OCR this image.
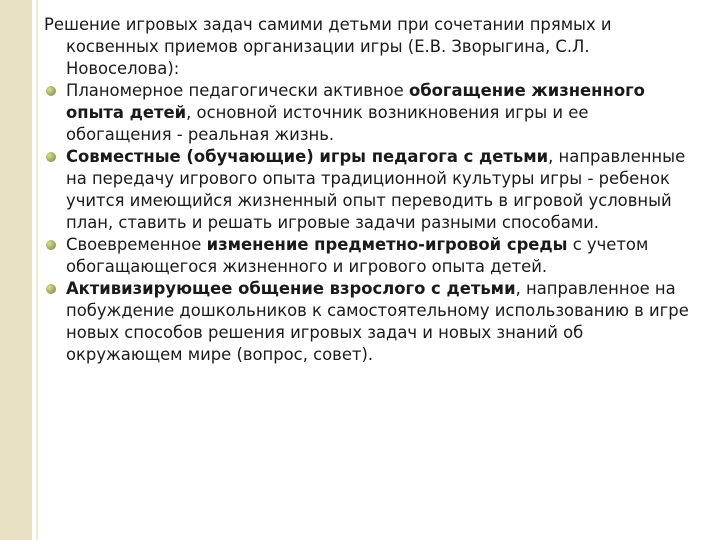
Решение игровых задач самими детьми при сочетании прямых и косвенных приемов организации игры (Е.В. Зворыгина, С.Л. Новоселова):
Планомерное педагогически активное обогащение жизненного опыта детей, основной источник возникновения игры и ее обогащения - реальная жизнь.
Совместные (обучающие) игры педагога с детьми, направленные на передачу игрового опыта традиционной культуры игры - ребенок учится имеющийся жизненный опыт переводить в игровой условный план, ставить и решать игровые задачи разными способами.
Своевременное изменение предметно-игровой среды с учетом обогащающегося жизненного и игрового опыта детей.
Активизирующее общение взрослого с детьми, направленное на побуждение дошкольников к самостоятельному использованию в игре новых способов решения игровых задач и новых знаний об окружающем мире (вопрос, совет).
